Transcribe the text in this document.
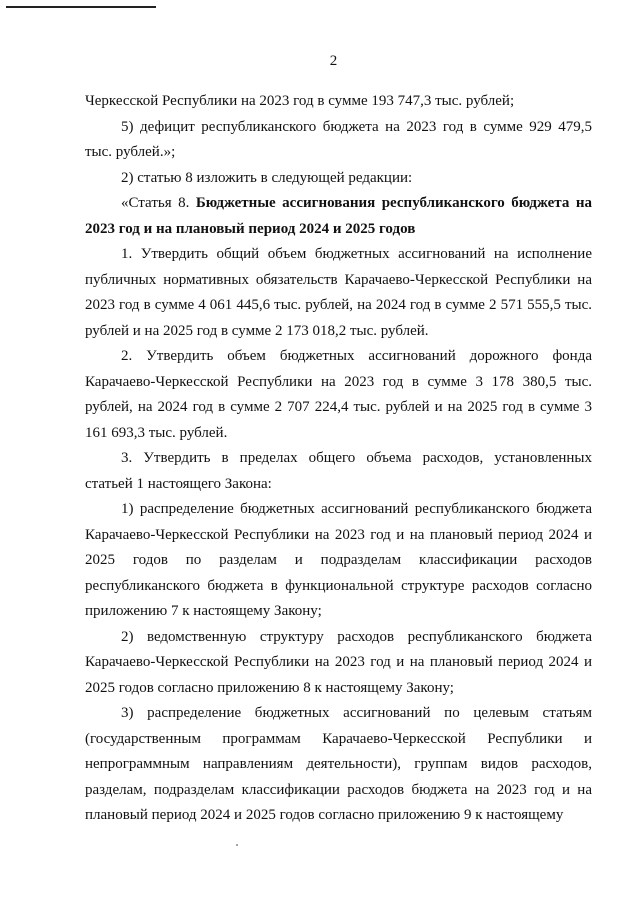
2

Черкесской Республики на 2023 год в сумме 193 747,3 тыс. рублей;

5) дефицит республиканского бюджета на 2023 год в сумме 929 479,5 тыс. рублей.»;

2) статью 8 изложить в следующей редакции:

«Статья 8. Бюджетные ассигнования республиканского бюджета на 2023 год и на плановый период 2024 и 2025 годов

1. Утвердить общий объем бюджетных ассигнований на исполнение публичных нормативных обязательств Карачаево-Черкесской Республики на 2023 год в сумме 4 061 445,6 тыс. рублей, на 2024 год в сумме 2 571 555,5 тыс. рублей и на 2025 год в сумме 2 173 018,2 тыс. рублей.

2. Утвердить объем бюджетных ассигнований дорожного фонда Карачаево-Черкесской Республики на 2023 год в сумме 3 178 380,5 тыс. рублей, на 2024 год в сумме 2 707 224,4 тыс. рублей и на 2025 год в сумме 3 161 693,3 тыс. рублей.

3. Утвердить в пределах общего объема расходов, установленных статьей 1 настоящего Закона:

1) распределение бюджетных ассигнований республиканского бюджета Карачаево-Черкесской Республики на 2023 год и на плановый период 2024 и 2025 годов по разделам и подразделам классификации расходов республиканского бюджета в функциональной структуре расходов согласно приложению 7 к настоящему Закону;

2) ведомственную структуру расходов республиканского бюджета Карачаево-Черкесской Республики на 2023 год и на плановый период 2024 и 2025 годов согласно приложению 8 к настоящему Закону;

3) распределение бюджетных ассигнований по целевым статьям (государственным программам Карачаево-Черкесской Республики и непрограммным направлениям деятельности), группам видов расходов, разделам, подразделам классификации расходов бюджета на 2023 год и на плановый период 2024 и 2025 годов согласно приложению 9 к настоящему
